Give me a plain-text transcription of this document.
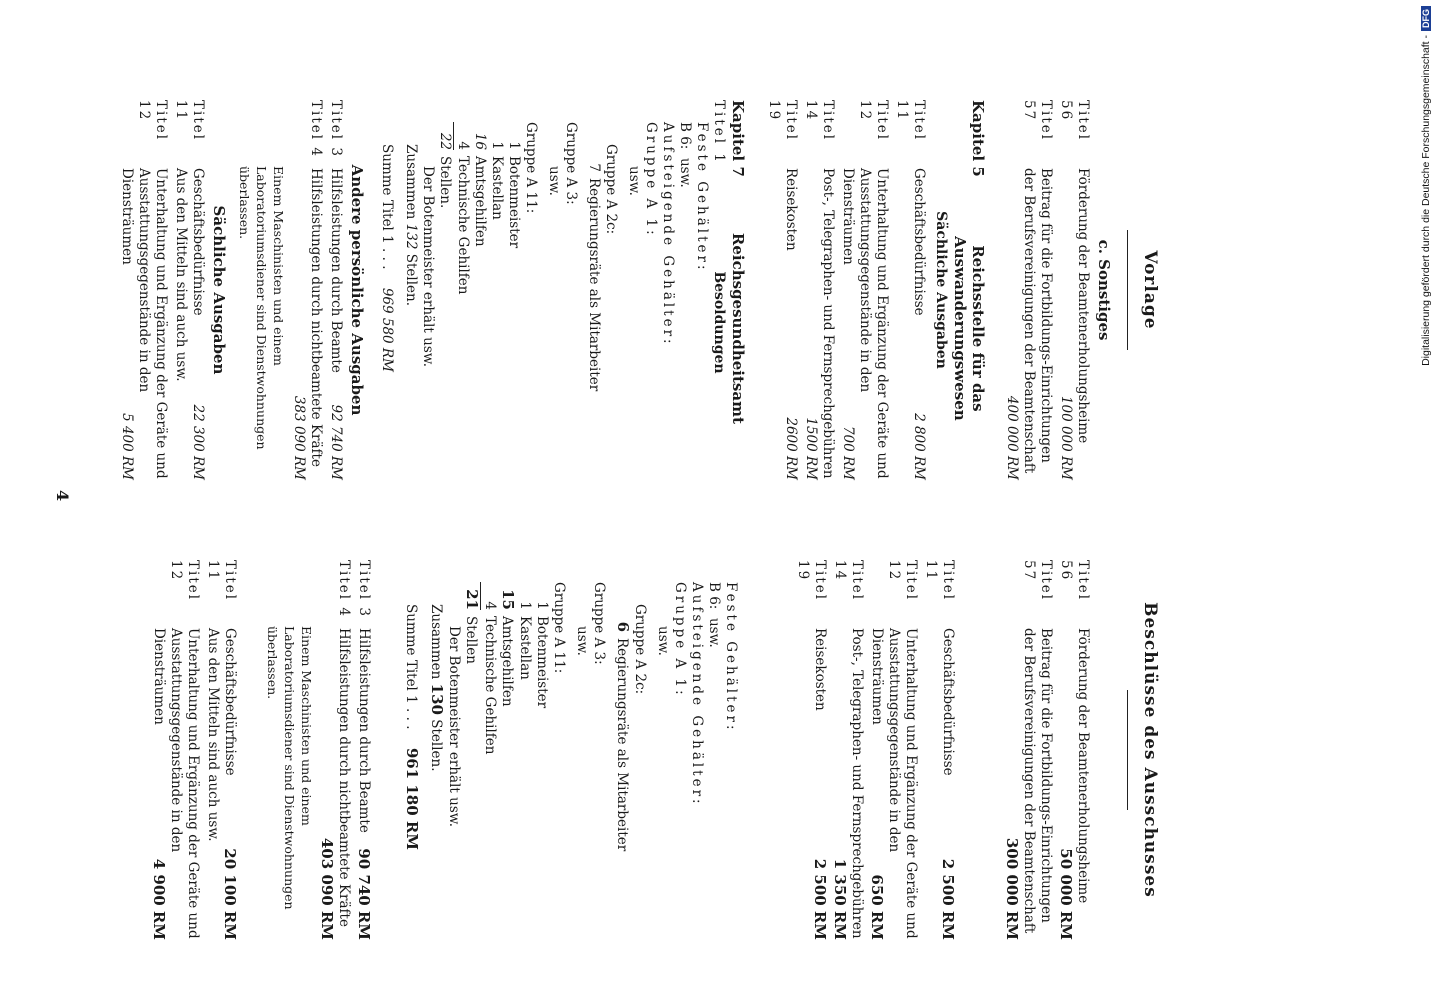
4
Vorlage
c. Sonstiges
Titel 56
Förderung der Beamtenerholungsheime
100 000 RM
Titel 57
Beitrag für die Fortbildungs-Einrichtungen der Berufsvereinigungen der Beamtenschaft
400 000 RM
Kapitel 5
Reichsstelle für das Auswanderungswesen
Sächliche Ausgaben
Titel 11
Geschäftsbedürfnisse
2 800 RM
Titel 12
Unterhaltung und Ergänzung der Geräte und Ausstattungsgegenstände in den Diensträumen
700 RM
Titel 14
Post-, Telegraphen- und Fernsprechgebühren
1500 RM
Titel 19
Reisekosten
2600 RM
Kapitel 7
Reichsgesundheitsamt
Titel 1
Besoldungen
Feste Gehälter:
B 6:  usw.
Aufsteigende Gehälter:
Gruppe A 1:
usw.
Gruppe A 2c:
7Regierungsräte als Mitarbeiter
Gruppe A 3:
usw.
Gruppe A 11:
1Botenmeister
1Kastellan
16Amtsgehilfen
4Technische Gehilfen
22Stellen.
Der Botenmeister erhält usw.
Zusammen 132 Stellen.
Summe Titel 1 . . . 969 580 RM
Andere persönliche Ausgaben
Titel 3
Hilfsleistungen durch Beamte
92 740 RM
Titel 4
Hilfsleistungen durch nichtbeamtete Kräfte
383 090 RM
Einem Maschinisten und einem Laboratoriumsdiener sind Dienstwohnungen überlassen.
Sächliche Ausgaben
Titel 11
Geschäftsbedürfnisse
22 300 RM

Aus den Mitteln sind auch usw.
Titel 12
Unterhaltung und Ergänzung der Geräte und Ausstattungsgegenstände in den Diensträumen
5 400 RM
Beschlüsse des Ausschusses
Titel 56
Förderung der Beamtenerholungsheime
50 000 RM
Titel 57
Beitrag für die Fortbildungs-Einrichtungen der Berufsvereinigungen der Beamtenschaft
300 000 RM
Titel 11
Geschäftsbedürfnisse
2 500 RM
Titel 12
Unterhaltung und Ergänzung der Geräte und Ausstattungsgegenstände in den Diensträumen
650 RM
Titel 14
Post-, Telegraphen- und Fernsprechgebühren
1 350 RM
Titel 19
Reisekosten
2 500 RM
Feste Gehälter:
B 6:  usw.
Aufsteigende Gehälter:
Gruppe A 1:
usw.
Gruppe A 2c:
6Regierungsräte als Mitarbeiter
Gruppe A 3:
usw.
Gruppe A 11:
1Botenmeister
1Kastellan
15Amtsgehilfen
4Technische Gehilfen
21Stellen
Der Botenmeister erhält usw.
Zusammen 130 Stellen.
Summe Titel 1 . . . 961 180 RM
Titel 3
Hilfsleistungen durch Beamte
90 740 RM
Titel 4
Hilfsleistungen durch nichtbeamtete Kräfte
403 090 RM
Einem Maschinisten und einem Laboratoriumsdiener sind Dienstwohnungen überlassen.
Titel 11
Geschäftsbedürfnisse
20 100 RM

Aus den Mitteln sind auch usw.
Titel 12
Unterhaltung und Ergänzung der Geräte und Ausstattungsgegenstände in den Diensträumen
4 900 RM
Digitalisierung gefördert durch die Deutsche Forschungsgemeinschaft -
DFG
